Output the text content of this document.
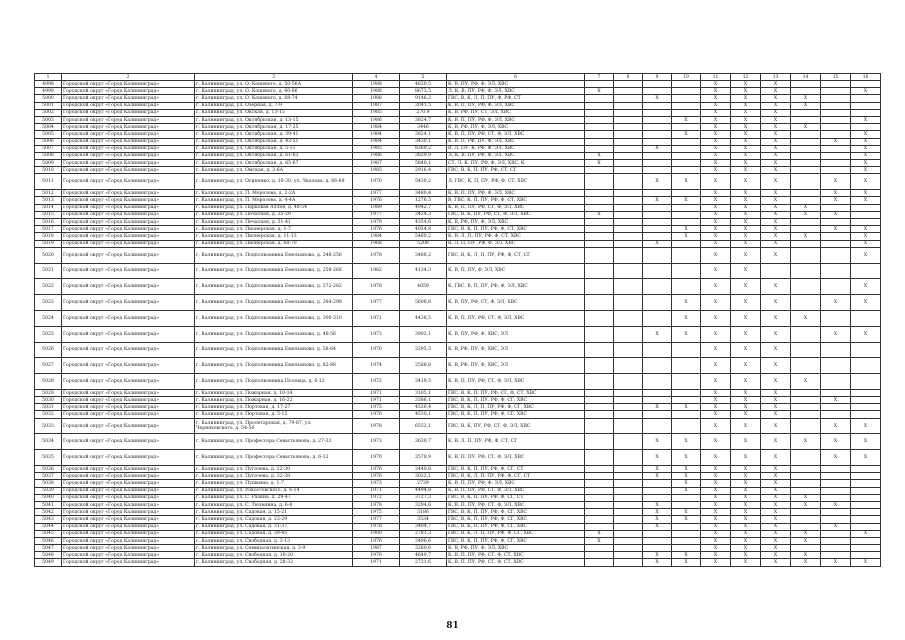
1	2	3	4	5	6	7	8	9	10	11	12	13	14	15	16
4998	Городской округ «Город Калининград»	г. Калининград, ул. О. Кошевого, д. 50-56А	1988	4630,5	К, В, ПУ, РФ, Ф, ЭЛ, ХВС					X	X	X			
4999	Городской округ «Город Калининград»	г. Калининград, ул. О. Кошевого, д. 60-66	1988	8673,5	Л, К, В, ПУ, РФ, Ф, ЭЛ, ХВС	X				X	X	X			X
5000	Городской округ «Город Калининград»	г. Калининград, ул. О. Кошевого, д. 68-74	1988	9146,2	ГВС, В, К, Л, П, ПУ, Ф, РФ, СТ			X		X	X	X	X		
5001	Городской округ «Город Калининград»	г. Калининград, ул. Озерная, д. 7-9	1987	2041,5	К, В, П, ПУ, РФ, Ф, ЭЛ, ХВС					X	X	X	X		
5002	Городской округ «Город Калининград»	г. Калининград, ул. Окская, д. 13-15	1985	270,9	К, В, РФ, ПУ, СТ, ЭЛ, ХВС					X	X	X			
5003	Городской округ «Город Калининград»	г. Калининград, ул. Октябрьская, д. 13-15	1986	3824,7	К, В, П, ПУ, РФ, Ф, ЭЛ, ХВС				X	X	X	X			X
5004	Городской округ «Город Калининград»	г. Калининград, ул. Октябрьская, д. 17-25	1984	3446	К, В, РФ, ПУ, Ф, ЭЛ, ХВС					X	X	X	X		
5005	Городской округ «Город Калининград»	г. Калининград, ул. Октябрьская, д. 39-41	1984	3824,1	К, В, П, ПУ, РФ, СТ, Ф, ЭЛ, ХВС				X	X	X	X			X
5006	Городской округ «Город Калининград»	г. Калининград, ул. Октябрьская, д. 43-51	1984	3430,1	К, В, П, РФ, ПУ, Ф, ЭЛ, ХВС					X	X	X		X	X
5007	Городской округ «Город Калининград»	г. Калининград, ул. Октябрьская, д. 5-11	1985	8369,2	В, Л, ПУ, К, РФ, Ф, ЭЛ, ХВС			X		X	X	X			X
5008	Городской округ «Город Калининград»	г. Калининград, ул. Октябрьская, д. 61-63	1986	3829,9	Л, К, В, ПУ, РФ, Ф, ЭЛ, ХВС	X				X	X	X			X
5009	Городской округ «Город Калининград»	г. Калининград, ул. Октябрьская, д. 65-67	1987	5840,1	СТ, Л, К, ПУ, РФ, Ф, ЭЛ, ХВС, К	X				X	X	X			X
5010	Городской округ «Город Калининград»	г. Калининград, ул. Омская, д. 2-6А	1985	2916,4	ГВС, В, К, П, ПУ, РФ, СТ, СГ					X	X	X			X
5011	Городской округ «Город Калининград»	г. Калининград, ул. Осипенко, д. 10-20, ул. Чкалова, д. 66-68	1970	5430,2	Л, ГВС, К, П, ПУ, РФ, Ф, СТ, ХВС			X	X	X	X	X		X	X
5012	Городской округ «Город Калининград»	г. Калининград, ул. П. Морозова, д. 2-2А	1977	3480,4	К, В, П, ПУ, РФ, Ф, ЭЛ, ХВС					X	X	X		X	X
5013	Городской округ «Город Калининград»	г. Калининград, ул. П. Морозова, д. 4-4А	1976	1276,5	В, ГВС, К, П, ПУ, РФ, Ф, СТ, ХВС			X	X	X	X	X		X	X
5014	Городской округ «Город Калининград»	г. Калининград, ул. Парковая Аллея, д. 48-54	1989	4942,7	К, В, П, ПУ, РФ, СТ, Ф, ЭЛ, ХВС					X	X	X	X		
5015	Городской округ «Город Калининград»	г. Калининград, ул. Печатная, д. 25-29	1977	3424,3	ГВС, В, К, ПУ, РФ, СТ, Ф, ЭЛ, ХВС	X				X	X	X	X	X	
5016	Городской округ «Город Калининград»	г. Калининград, ул. Печатная, д. 31-41	1979	4354,6	К, В, РФ, ПУ, Ф, ЭЛ, ХВС					X	X	X			
5017	Городской округ «Город Калининград»	г. Калининград, ул. Пионерская, д. 1-7	1976	4954,8	ГВС, В, К, П, ПУ, РФ, Ф, СТ, ХВС				X	X	X	X		X	X
5018	Городской округ «Город Калининград»	г. Калининград, ул. Пионерская, д. 11-13	1984	5460,2	К, В, Л, П, ПУ, РФ, Ф, СТ, ХВС				X	X	X	X	X		X
5019	Городской округ «Город Калининград»	г. Калининград, ул. Пионерская, д. 68-70	1968	5208	В, Л, П, ПУ, РФ, Ф, ЭЛ, ХВС			X		X	X	X			X
5020	Городской округ «Город Калининград»	г. Калининград, ул. Подполковника Емельянова, д. 248-256	1978	3488,2	ГВС, В, К, Л, П, ПУ, РФ, Ф, СТ, СГ					X	X	X			X
5021	Городской округ «Город Калининград»	г. Калининград, ул. Подполковника Емельянова, д. 258-268	1982	4134,3	К, В, П, ПУ, Ф, ЭЛ, ХВС					X	X				
5022	Городской округ «Город Калининград»	г. Калининград, ул. Подполковника Емельянова, д. 272-282	1978	4059	К, ГВС, В, П, ПУ, РФ, Ф, ЭЛ, ХВС					X	X	X			X
5023	Городской округ «Город Калининград»	г. Калининград, ул. Подполковника Емельянова, д. 284-298	1977	5606,8	К, В, ПУ, РФ, СТ, Ф, ЭЛ, ХВС				X	X	X	X		X	X
5024	Городской округ «Город Калининград»	г. Калининград, ул. Подполковника Емельянова, д. 300-310	1971	4438,5	К, В, П, ПУ, РФ, СТ, Ф, ЭЛ, ХВС				X	X	X	X	X		
5025	Городской округ «Город Калининград»	г. Калининград, ул. Подполковника Емельянова, д. 46-56	1973	3902,1	К, В, ПУ, РФ, Ф, ХВС, ЭЛ			X	X	X	X	X		X	X
5026	Городской округ «Город Калининград»	г. Калининград, ул. Подполковника Емельянова, д. 58-64	1970	3295,3	К, В, РФ, ПУ, Ф, ХВС, ЭЛ					X	X	X			
5027	Городской округ «Город Калининград»	г. Калининград, ул. Подполковника Емельянова, д. 82-88	1974	2586,8	К, В, РФ, ПУ, Ф, ХВС, ЭЛ					X	X	X			
5028	Городской округ «Город Калининград»	г. Калининград, ул. Подполковника Половца, д. 6-12	1972	3419,5	К, В, П, ПУ, РФ, СТ, Ф, ЭЛ, ХВС					X	X	X	X		
5029	Городской округ «Город Калининград»	г. Калининград, ул. Пожарная, д. 10-14	1971	3105,1	ГВС, В, К, П, ПУ, РФ, СГ, Ф, СТ, ХВС					X	X	X			
5030	Городской округ «Город Калининград»	г. Калининград, ул. Пожарная, д. 16-22	1971	3386,1	ГВС, В, К, П, ПУ, РФ, Ф, СГ, ХВС					X	X	X		X	
5031	Городской округ «Город Калининград»	г. Калининград, ул. Портовая, д. 17-27	1975	4536,4	ГВС, В, К, Л, П, ПУ, РФ, Ф, СГ, ХВС			X	X	X	X	X			
5032	Городской округ «Город Калининград»	г. Калининград, ул. Портовая, д. 5-15	1970	4530,1	ГВС, В, К, П, ПУ, РФ, Ф, СГ, ХВС					X	X	X			
5033	Городской округ «Город Калининград»	г. Калининград, ул. Пролетарская, д. 79-87, ул. Черняховского, д. 54-56	1978	6552,1	ГВС, В, К, ПУ, РФ, СГ, Ф, ЭЛ, ХВС					X	X	X		X	X
5034	Городской округ «Город Калининград»	г. Калининград, ул. Профессора Севастьянова, д. 27-33	1973	3630,7	К, В, Л, П, ПУ, РФ, Ф, СТ, СГ			X	X	X	X	X	X	X	X
5035	Городской округ «Город Калининград»	г. Калининград, ул. Профессора Севастьянова, д. 6-12	1970	3578,9	К, В, П, ПУ, РФ, СТ, Ф, ЭЛ, ХВС			X	X	X	X	X		X	X
5036	Городской округ «Город Калининград»	г. Калининград, ул. Пугачева, д. 22-30	1976	3440,8	ГВС, В, К, П, ПУ, РФ, Ф, СГ, СТ			X	X	X	X	X			
5037	Городской округ «Город Калининград»	г. Калининград, ул. Пугачева, д. 32-38	1976	3022,1	ГВС, В, К, Л, П, ПУ, РФ, Ф, СГ, СТ			X	X	X	X	X			
5038	Городской округ «Город Калининград»	г. Калининград, ул. Пушкина, д. 1-7	1973	2739	К, В, П, ПУ, РФ, Ф, ЭЛ, ХВС				X	X	X	X			
5039	Городской округ «Город Калининград»	г. Калининград, ул. Рокоссовского, д. 6-14	1971	4494,8	К, В, П, ПУ, РФ, СТ, Ф, ЭЛ, ХВС				X	X	X	X			
5040	Городской округ «Город Калининград»	г. Калининград, ул. С. Разина, д. 29-47	1972	3727,3	ГВС, В, К, П, ПУ, РФ, Ф, СГ, СТ					X	X	X	X		
5041	Городской округ «Город Калининград»	г. Калининград, ул. С. Тюленина, д. 6-8	1978	3294,6	К, В, П, ПУ, РФ, СТ, Ф, ЭЛ, ХВС			X		X	X	X	X	X	
5042	Городской округ «Город Калининград»	г. Калининград, ул. Садовая, д. 15-21	1975	3186	ГВС, В, К, П, ПУ, РФ, Ф, СГ, ХВС			X	X	X	X	X			
5043	Городской округ «Город Калининград»	г. Калининград, ул. Садовая, д. 23-29	1977	3534	ГВС, В, К, П, ПУ, РФ, Ф, СГ, ХВС			X	X	X	X	X			
5044	Городской округ «Город Калининград»	г. Калининград, ул. Садовая, д. 31-37	1978	3404,7	ГВС, В, К, П, ПУ, РФ, Ф, СГ, ХВС			X		X	X	X		X	
5045	Городской округ «Город Калининград»	г. Калининград, ул. Садовая, д. 39-45	1980	2781,3	ГВС, В, К, Л, П, ПУ, РФ, Ф, СГ, ХВС	X				X	X	X	X		X
5046	Городской округ «Город Калининград»	г. Калининград, ул. Свободная, д. 3-13	1976	3496,6	ГВС, В, К, П, ПУ, РФ, Ф, СГ, ХВС	X				X	X	X	X		
5047	Городской округ «Город Калининград»	г. Калининград, ул. Семипалатинская, д. 3-9	1987	3260,6	К, В, РФ, ПУ, Ф, ЭЛ, ХВС					X	X	X			
5048	Городской округ «Город Калининград»	г. Калининград, ул. Свободная, д. 10-20	1976	4640,7	К, В, П, ПУ, РФ, СГ, Ф, СТ, ХВС			X	X	X	X	X	X		
5049	Городской округ «Город Калининград»	г. Калининград, ул. Свободная, д. 28-32	1971	2721,6	К, В, П, ПУ, РФ, СГ, Ф, СТ, ХВС			X	X	X	X	X	X	X	X
81
